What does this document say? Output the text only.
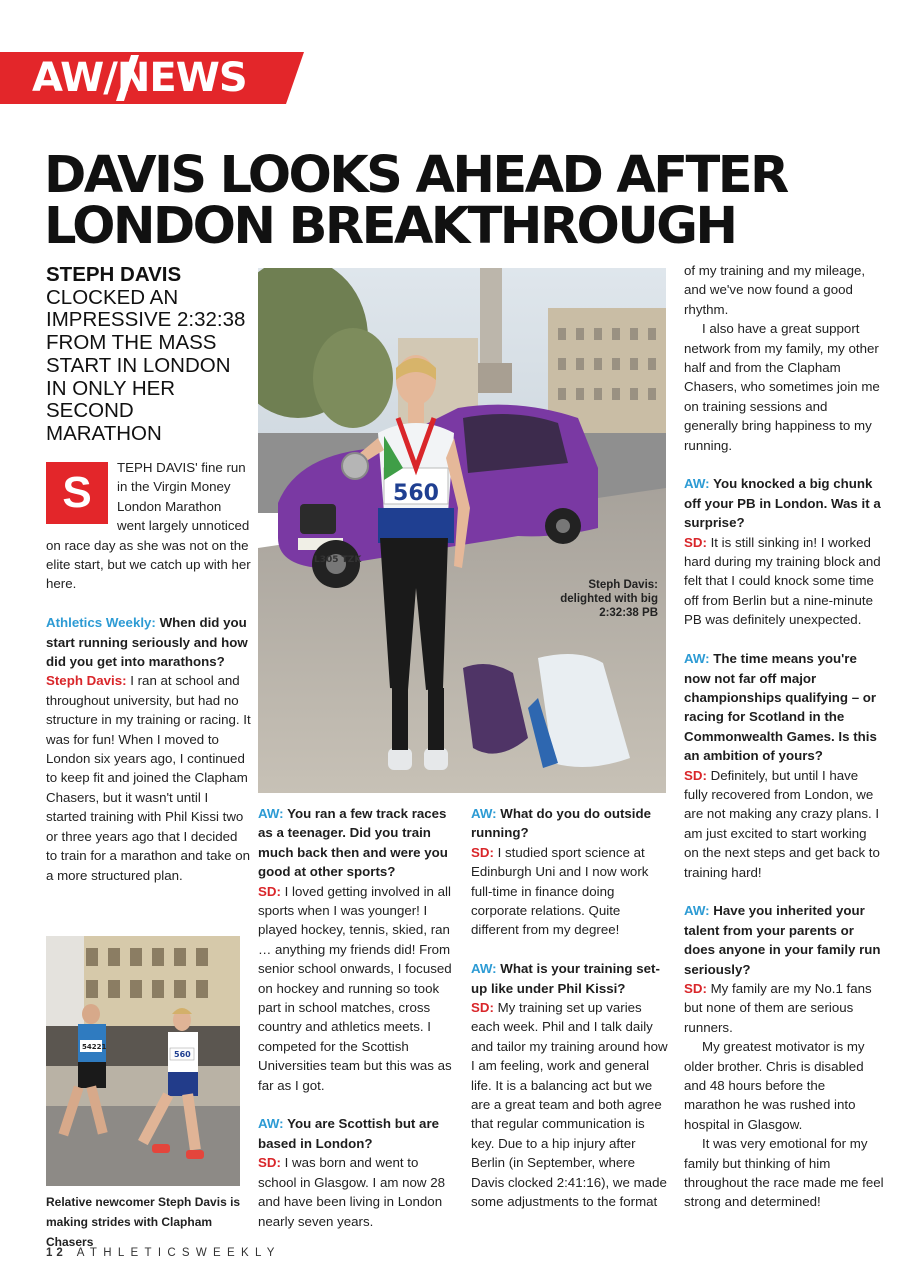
AW/NEWS
DAVIS LOOKS AHEAD AFTER
LONDON BREAKTHROUGH
STEPH DAVIS
CLOCKED AN IMPRESSIVE 2:32:38 FROM THE MASS START IN LONDON IN ONLY HER SECOND MARATHON

S
TEPH DAVIS' fine run in the Virgin Money London Marathon went largely unnoticed on race day as she was not on the elite start, but we catch up with her here.

Athletics Weekly: When did you start running seriously and how did you get into marathons?

Steph Davis: I ran at school and throughout university, but had no structure in my training or racing. It was for fun! When I moved to London six years ago, I continued to keep fit and joined the Clapham Chasers, but it wasn't until I started training with Phil Kissi two or three years ago that I decided to train for a marathon and take on a more structured plan.

560
L305 TZK
Steph Davis: delighted with big 2:32:38 PB
54221
560
Relative newcomer Steph Davis is making strides with Clapham Chasers

AW: You ran a few track races as a teenager. Did you train much back then and were you good at other sports?

SD: I loved getting involved in all sports when I was younger! I played hockey, tennis, skied, ran … anything my friends did! From senior school onwards, I focused on hockey and running so took part in school matches, cross country and athletics meets. I competed for the Scottish Universities team but this was as far as I got.

AW: You are Scottish but are based in London?

SD: I was born and went to school in Glasgow. I am now 28 and have been living in London nearly seven years.

AW: What do you do outside running?

SD: I studied sport science at Edinburgh Uni and I now work full-time in finance doing corporate relations. Quite different from my degree!

AW: What is your training set-up like under Phil Kissi?

SD: My training set up varies each week. Phil and I talk daily and tailor my training around how I am feeling, work and general life. It is a balancing act but we are a great team and both agree that regular communication is key. Due to a hip injury after Berlin (in September, where Davis clocked 2:41:16), we made some adjustments to the format

of my training and my mileage, and we've now found a good rhythm.

I also have a great support network from my family, my other half and from the Clapham Chasers, who sometimes join me on training sessions and generally bring happiness to my running.

AW: You knocked a big chunk off your PB in London. Was it a surprise?

SD: It is still sinking in! I worked hard during my training block and felt that I could knock some time off from Berlin but a nine-minute PB was definitely unexpected.

AW: The time means you're now not far off major championships qualifying – or racing for Scotland in the Commonwealth Games. Is this an ambition of yours?

SD: Definitely, but until I have fully recovered from London, we are not making any crazy plans. I am just excited to start working on the next steps and get back to training hard!

AW: Have you inherited your talent from your parents or does anyone in your family run seriously?

SD: My family are my No.1 fans but none of them are serious runners.

My greatest motivator is my older brother. Chris is disabled and 48 hours before the marathon he was rushed into hospital in Glasgow.

It was very emotional for my family but thinking of him throughout the race made me feel strong and determined!

12 ATHLETICSWEEKLY
